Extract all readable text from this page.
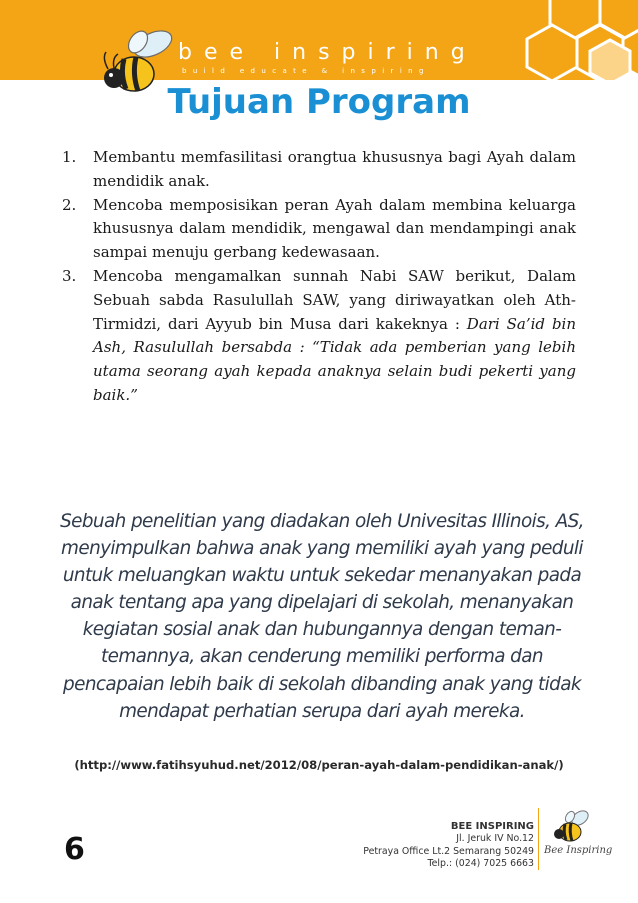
bee inspiring
build educate & inspiring
Tujuan Program
1. Membantu memfasilitasi orangtua khususnya bagi Ayah dalam mendidik anak.
2. Mencoba memposisikan peran Ayah dalam membina keluarga khususnya dalam mendidik, mengawal dan mendampingi anak sampai menuju gerbang kedewasaan.
3. Mencoba mengamalkan sunnah Nabi SAW berikut, Dalam Sebuah sabda Rasulullah SAW, yang diriwayatkan oleh Ath-Tirmidzi, dari Ayyub bin Musa dari kakeknya : Dari Sa’id bin Ash, Rasulullah bersabda : “Tidak ada pemberian yang lebih utama seorang ayah kepada anaknya selain budi pekerti yang baik.”
Sebuah penelitian yang diadakan oleh Univesitas Illinois, AS, menyimpulkan bahwa anak yang memiliki ayah yang peduli untuk meluangkan waktu untuk sekedar menanyakan pada anak tentang apa yang dipelajari di sekolah, menanyakan kegiatan sosial anak dan hubungannya dengan teman-temannya, akan cenderung memiliki performa dan pencapaian lebih baik di sekolah dibanding anak yang tidak mendapat perhatian serupa dari ayah mereka.
(http://www.fatihsyuhud.net/2012/08/peran-ayah-dalam-pendidikan-anak/)
6
BEE INSPIRING
Jl. Jeruk IV No.12
Petraya Office Lt.2 Semarang 50249
Telp.: (024) 7025 6663
Bee Inspiring
